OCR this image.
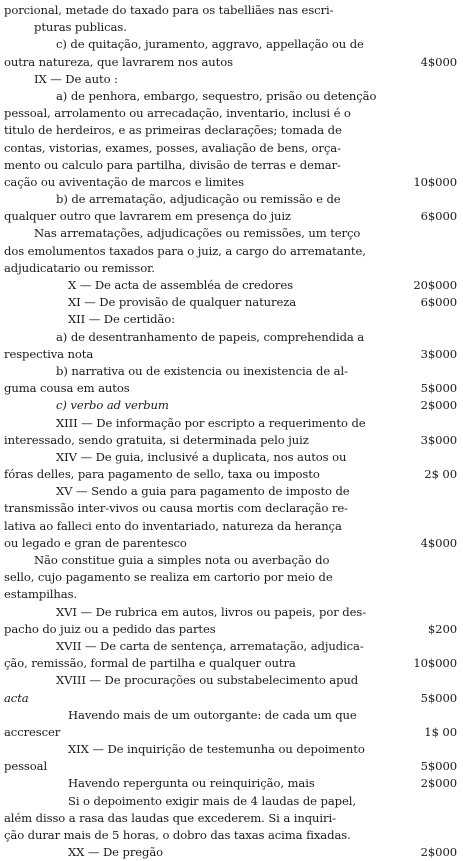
porcional, metade do taxado para os tabelliães nas escri-
pturas publicas.
c) de quitação, juramento, aggravo, appellação ou de
outra natureza, que lavrarem nos autos	4$000
IX — De auto :
a) de penhora, embargo, sequestro, prisão ou detenção
pessoal, arrolamento ou arrecadação, inventario, inclusi é o
titulo de herdeiros, e as primeiras declarações; tomada de
contas, vistorias, exames, posses, avaliação de bens, orça-
mento ou calculo para partilha, divisão de terras e demar-
cação ou aviventação de marcos e limites	10$000
b) de arrematação, adjudicação ou remissão e de
qualquer outro que lavrarem em presença do juiz	6$000
Nas arrematações, adjudicações ou remissões, um terço
dos emolumentos taxados para o juiz, a cargo do arrematante,
adjudicatario ou remissor.
X — De acta de assembléa de credores	20$000
XI — De provisão de qualquer natureza	6$000
XII — De certidão:
a) de desentranhamento de papeis, comprehendida a
respectiva nota	3$000
b) narrativa ou de existencia ou inexistencia de al-
guma cousa em autos	5$000
c) verbo ad verbum	2$000
XIII — De informação por escripto a requerimento de
interessado, sendo gratuita, si determinada pelo juiz	3$000
XIV — De guia, inclusivé a duplicata, nos autos ou
fóras delles, para pagamento de sello, taxa ou imposto	2$ 00
XV — Sendo a guia para pagamento de imposto de
transmissão inter-vivos ou causa mortis com declaração re-
lativa ao falleci ento do inventariado, natureza da herança
ou legado e gran de parentesco	4$000
Não constitue guia a simples nota ou averbação do
sello, cujo pagamento se realiza em cartorio por meio de
estampilhas.
XVI — De rubrica em autos, livros ou papeis, por des-
pacho do juiz ou a pedido das partes	$200
XVII — De carta de sentença, arrematação, adjudica-
ção, remissão, formal de partilha e qualquer outra	10$000
XVIII — De procurações ou substabelecimento apud
acta	5$000
Havendo mais de um outorgante: de cada um que
accrescer	1$ 00
XIX — De inquirição de testemunha ou depoimento
pessoal	5$000
Havendo repergunta ou reinquirição, mais	2$000
Si o depoimento exigir mais de 4 laudas de papel,
além disso a rasa das laudas que excederem. Si a inquiri-
ção durar mais de 5 horas, o dobro das taxas acima fixadas.
XX — De pregão	2$000
